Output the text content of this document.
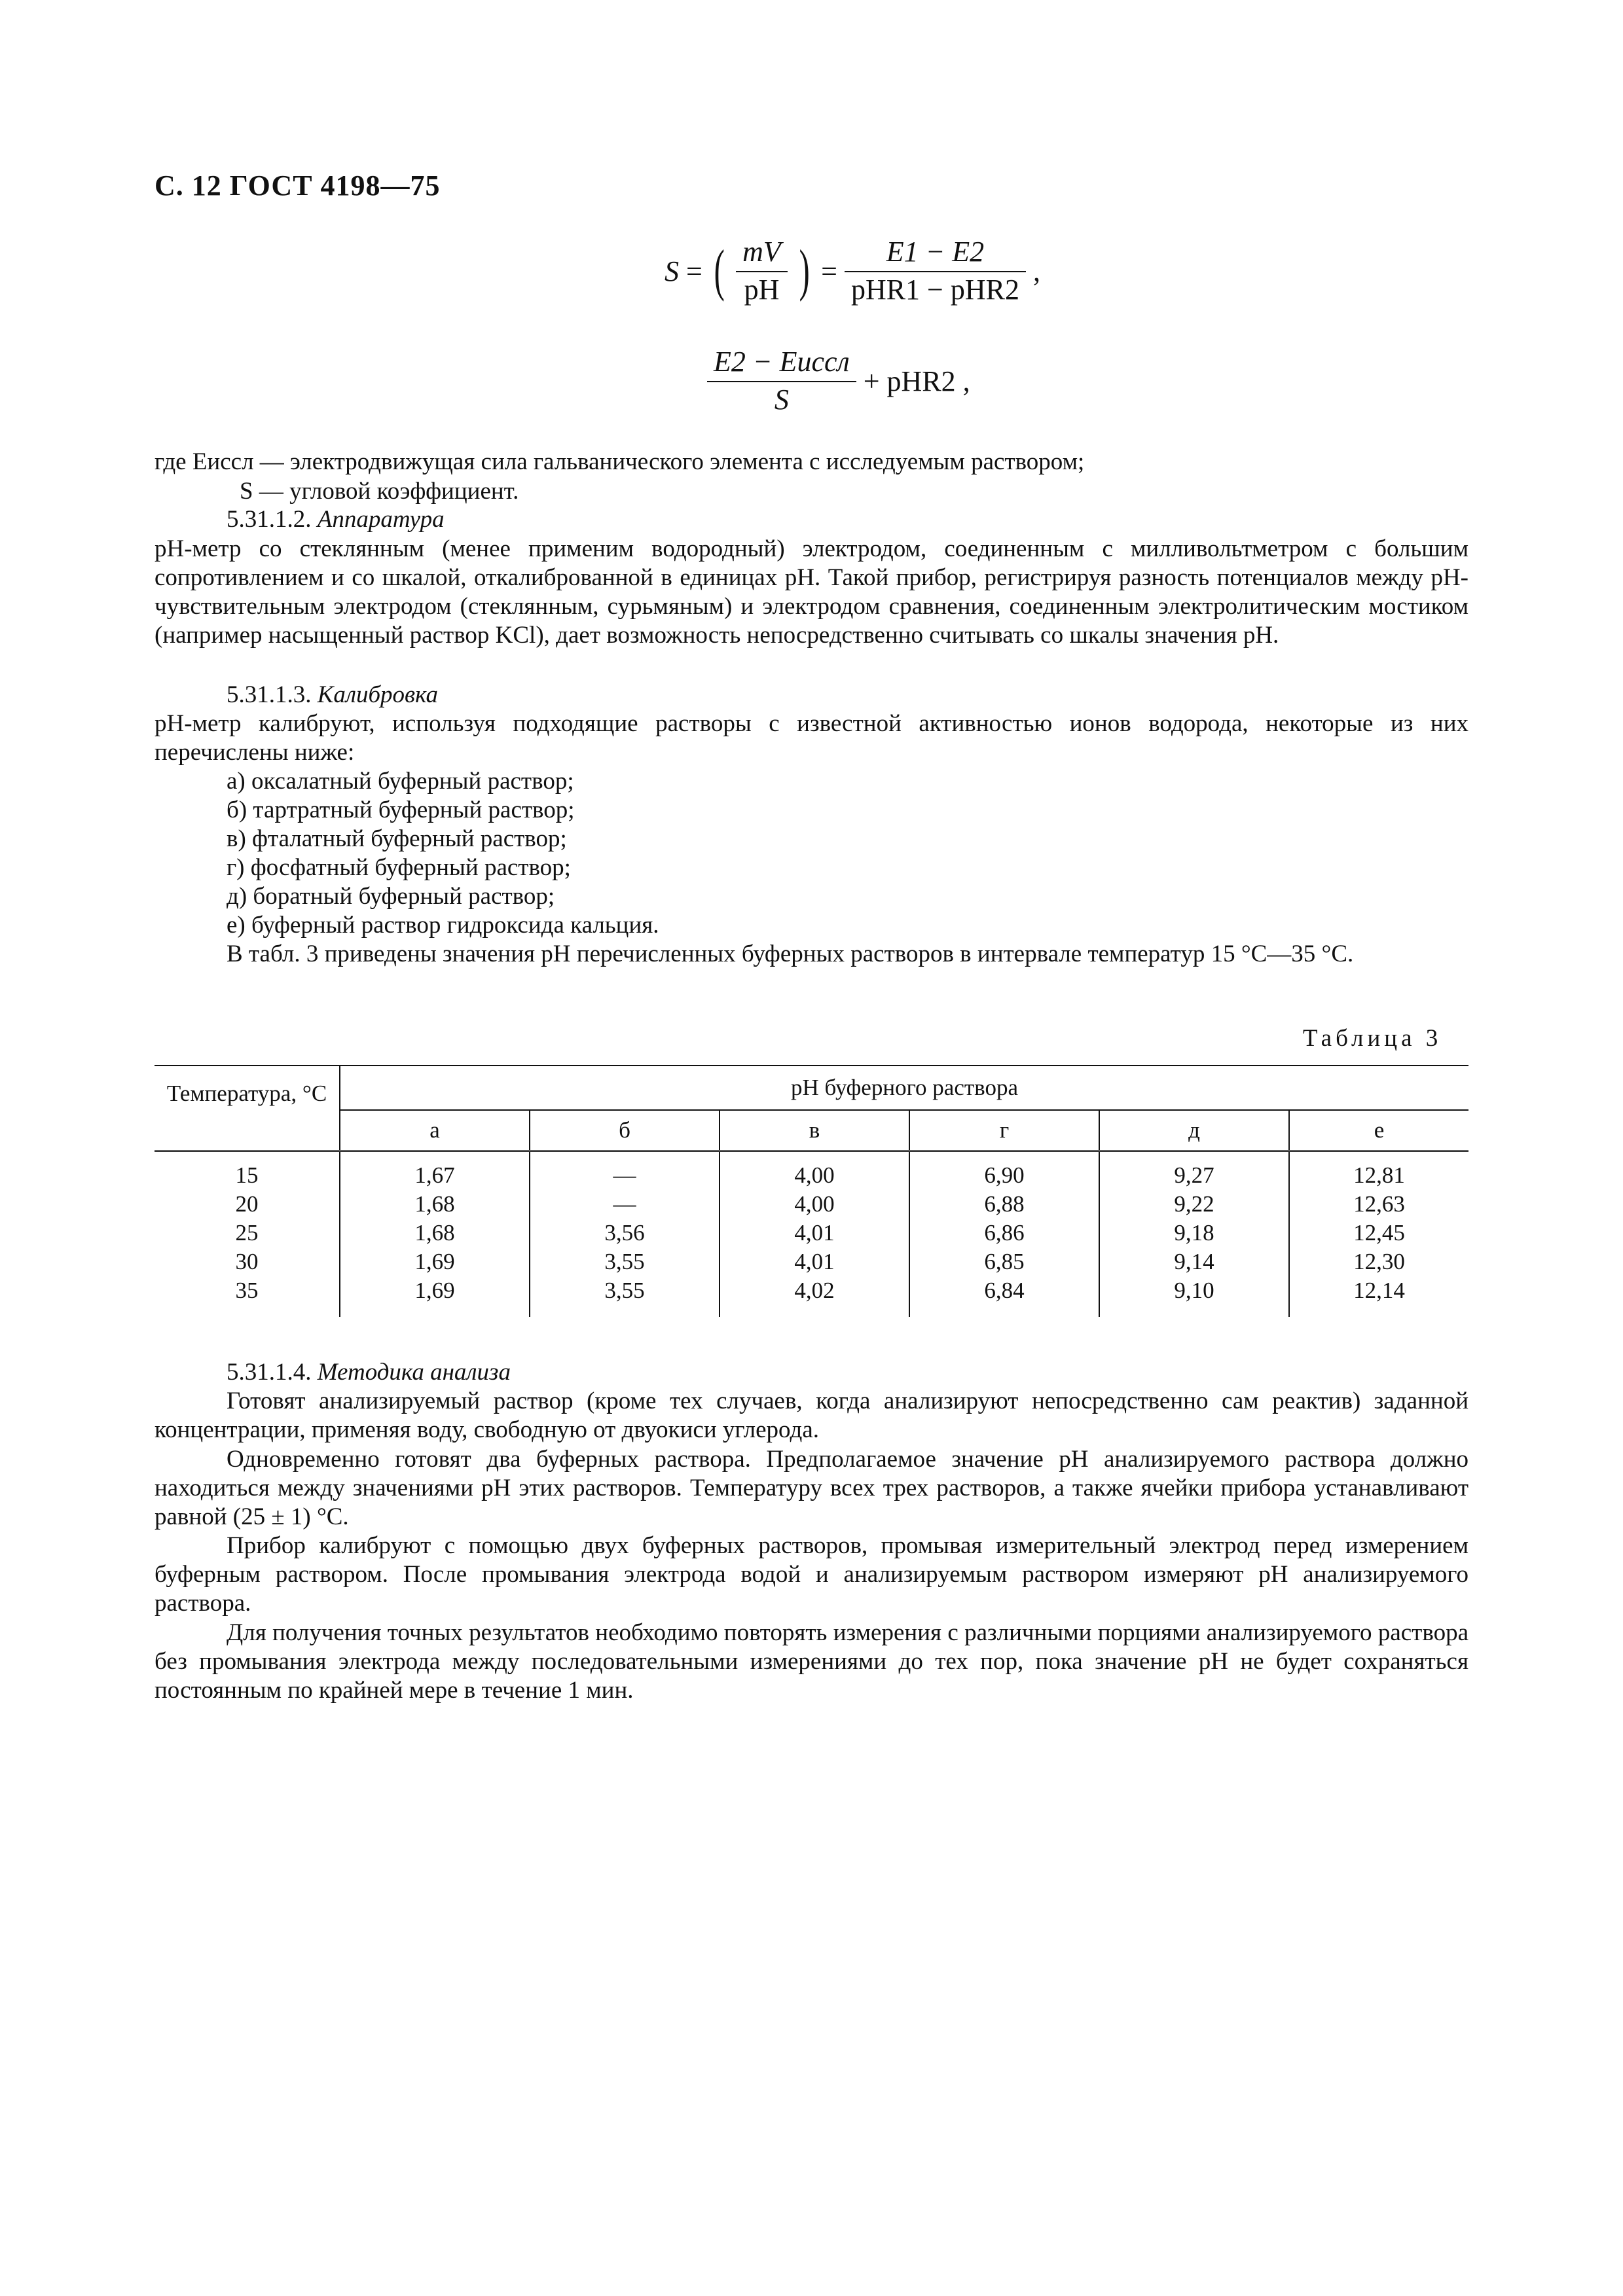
С. 12 ГОСТ 4198—75
S = ( $\frac{mV}{pH}$ ) = $\frac{E1 - E2}{\text{pHR1 − pHR2}}$ ,
$\frac{\text{E2 − Eиссл}}{S} + pHR2$ ,
где Eиссл — электродвижущая сила гальванического элемента с исследуемым раствором;
S — угловой коэффициент.
5.31.1.2. Аппаратура
pH-метр со стеклянным (менее применим водородный) электродом, соединенным с милливольтметром с большим сопротивлением и со шкалой, откалиброванной в единицах pH. Такой прибор, регистрируя разность потенциалов между pH-чувствительным электродом (стеклянным, сурьмяным) и электродом сравнения, соединенным электролитическим мостиком (например насыщенный раствор KCl), дает возможность непосредственно считывать со шкалы значения pH.
5.31.1.3. Калибровка
pH-метр калибруют, используя подходящие растворы с известной активностью ионов водорода, некоторые из них перечислены ниже:
а) оксалатный буферный раствор;
б) тартратный буферный раствор;
в) фталатный буферный раствор;
г) фосфатный буферный раствор;
д) боратный буферный раствор;
е) буферный раствор гидроксида кальция.
В табл. 3 приведены значения pH перечисленных буферных растворов в интервале температур 15 °С—35 °С.
Таблица 3
Температура, °С	pH буферного раствора					
	а	б	в	г	д	е
15	1,67	—	4,00	6,90	9,27	12,81
20	1,68	—	4,00	6,88	9,22	12,63
25	1,68	3,56	4,01	6,86	9,18	12,45
30	1,69	3,55	4,01	6,85	9,14	12,30
35	1,69	3,55	4,02	6,84	9,10	12,14
5.31.1.4. Методика анализа
Готовят анализируемый раствор (кроме тех случаев, когда анализируют непосредственно сам реактив) заданной концентрации, применяя воду, свободную от двуокиси углерода.
Одновременно готовят два буферных раствора. Предполагаемое значение pH анализируемого раствора должно находиться между значениями pH этих растворов. Температуру всех трех растворов, а также ячейки прибора устанавливают равной (25 ± 1) °С.
Прибор калибруют с помощью двух буферных растворов, промывая измерительный электрод перед измерением буферным раствором. После промывания электрода водой и анализируемым раствором измеряют pH анализируемого раствора.
Для получения точных результатов необходимо повторять измерения с различными порциями анализируемого раствора без промывания электрода между последовательными измерениями до тех пор, пока значение pH не будет сохраняться постоянным по крайней мере в течение 1 мин.
